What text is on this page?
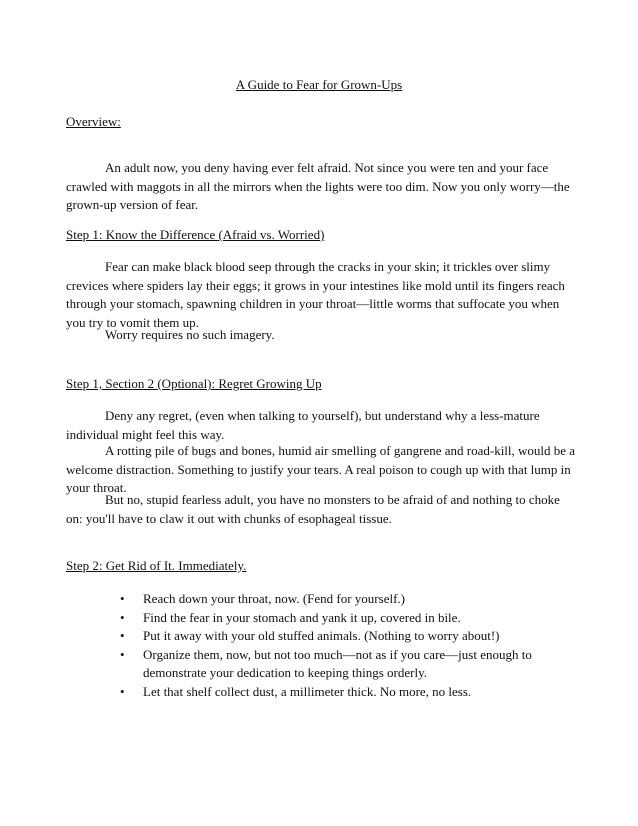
A Guide to Fear for Grown-Ups
Overview:
An adult now, you deny having ever felt afraid. Not since you were ten and your face crawled with maggots in all the mirrors when the lights were too dim. Now you only worry—the grown-up version of fear.
Step 1: Know the Difference (Afraid vs. Worried)
Fear can make black blood seep through the cracks in your skin; it trickles over slimy crevices where spiders lay their eggs; it grows in your intestines like mold until its fingers reach through your stomach, spawning children in your throat—little worms that suffocate you when you try to vomit them up.
Worry requires no such imagery.
Step 1, Section 2 (Optional): Regret Growing Up
Deny any regret, (even when talking to yourself), but understand why a less-mature individual might feel this way.
A rotting pile of bugs and bones, humid air smelling of gangrene and road-kill, would be a welcome distraction. Something to justify your tears. A real poison to cough up with that lump in your throat.
But no, stupid fearless adult, you have no monsters to be afraid of and nothing to choke on: you'll have to claw it out with chunks of esophageal tissue.
Step 2: Get Rid of It. Immediately.
• Reach down your throat, now. (Fend for yourself.)
• Find the fear in your stomach and yank it up, covered in bile.
• Put it away with your old stuffed animals. (Nothing to worry about!)
• Organize them, now, but not too much—not as if you care—just enough to demonstrate your dedication to keeping things orderly.
• Let that shelf collect dust, a millimeter thick. No more, no less.
